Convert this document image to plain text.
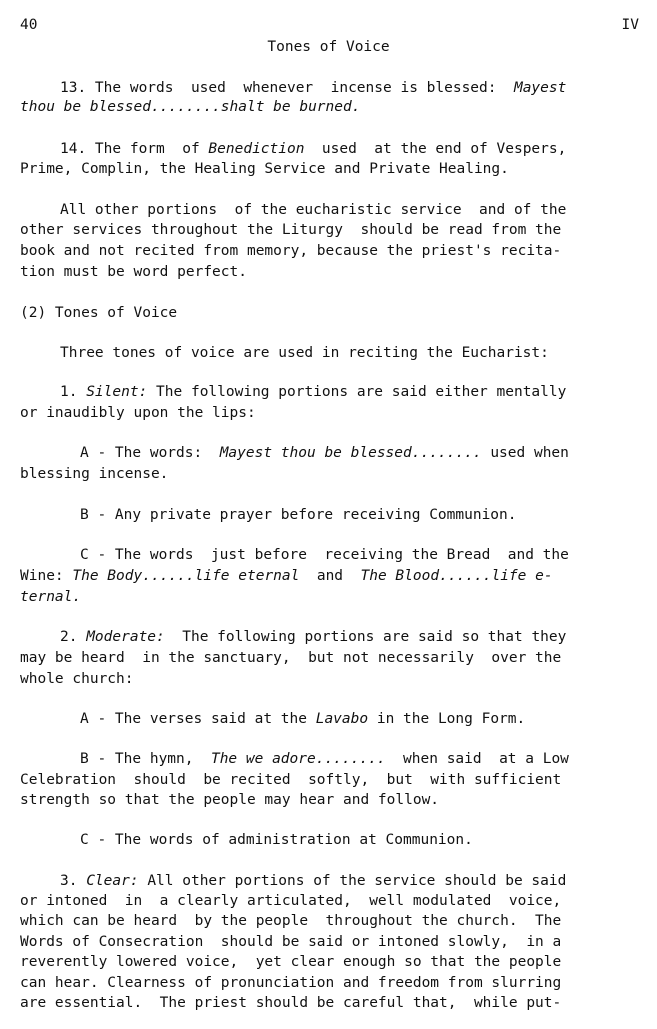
40	IV
Tones of Voice
13. The words  used  whenever  incense is blessed: Mayest
thou be blessed........shalt be burned.
14. The form  of Benediction used  at the end of Vespers,
Prime, Complin, the Healing Service and Private Healing.
All other portions  of the eucharistic service  and of the
other services throughout the Liturgy  should be read from the
book and not recited from memory, because the priest's recita-
tion must be word perfect.
(2) Tones of Voice
Three tones of voice are used in reciting the Eucharist:
1. Silent: The following portions are said either mentally
or inaudibly upon the lips:
A - The words: Mayest thou be blessed........ used when
blessing incense.
B - Any private prayer before receiving Communion.
C - The words  just before  receiving the Bread  and the
Wine: The Body......life eternal and The Blood......life e-
ternal.
2. Moderate: The following portions are said so that they
may be heard  in the sanctuary,  but not necessarily  over the
whole church:
A - The verses said at the Lavabo in the Long Form.
B - The hymn, The we adore........ when said  at a Low
Celebration  should  be recited  softly,  but  with sufficient
strength so that the people may hear and follow.
C - The words of administration at Communion.
3. Clear: All other portions of the service should be said
or intoned  in  a clearly articulated,  well modulated  voice,
which can be heard  by the people  throughout the church.  The
Words of Consecration  should be said or intoned slowly,  in a
reverently lowered voice,  yet clear enough so that the people
can hear. Clearness of pronunciation and freedom from slurring
are essential.  The priest should be careful that,  while put-
